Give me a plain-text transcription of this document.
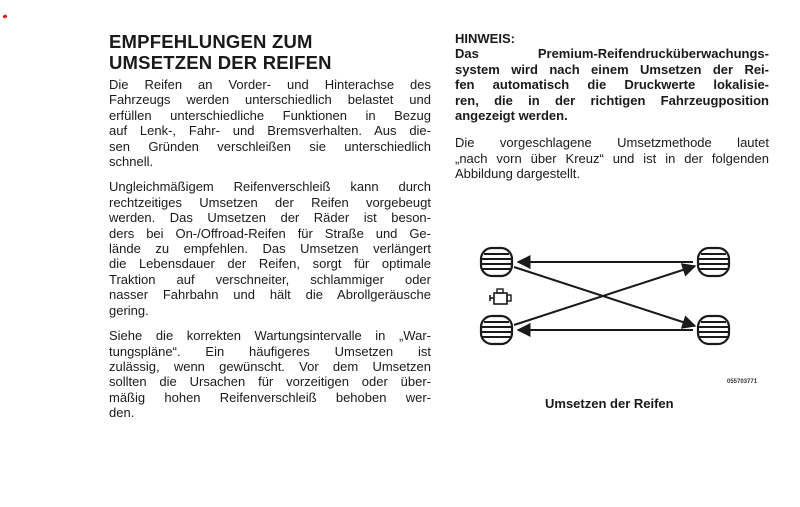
EMPFEHLUNGEN ZUM
UMSETZEN DER REIFEN
Die Reifen an Vorder- und Hinterachse des
Fahrzeugs werden unterschiedlich belastet und
erfüllen unterschiedliche Funktionen in Bezug
auf Lenk-, Fahr- und Bremsverhalten. Aus die-
sen Gründen verschleißen sie unterschiedlich
schnell.
Ungleichmäßigem Reifenverschleiß kann durch
rechtzeitiges Umsetzen der Reifen vorgebeugt
werden. Das Umsetzen der Räder ist beson-
ders bei On-/Offroad-Reifen für Straße und Ge-
lände zu empfehlen. Das Umsetzen verlängert
die Lebensdauer der Reifen, sorgt für optimale
Traktion auf verschneiter, schlammiger oder
nasser Fahrbahn und hält die Abrollgeräusche
gering.
Siehe die korrekten Wartungsintervalle in „War-
tungspläne“. Ein häufigeres Umsetzen ist
zulässig, wenn gewünscht. Vor dem Umsetzen
sollten die Ursachen für vorzeitigen oder über-
mäßig hohen Reifenverschleiß behoben wer-
den.

HINWEIS:

Das Premium-Reifendrucküberwachungs-
system wird nach einem Umsetzen der Rei-
fen automatisch die Druckwerte lokalisie-
ren, die in der richtigen Fahrzeugposition
angezeigt werden.
Die vorgeschlagene Umsetzmethode lautet
„nach vorn über Kreuz“ und ist in der folgenden
Abbildung dargestellt.
055703771
Umsetzen der Reifen
